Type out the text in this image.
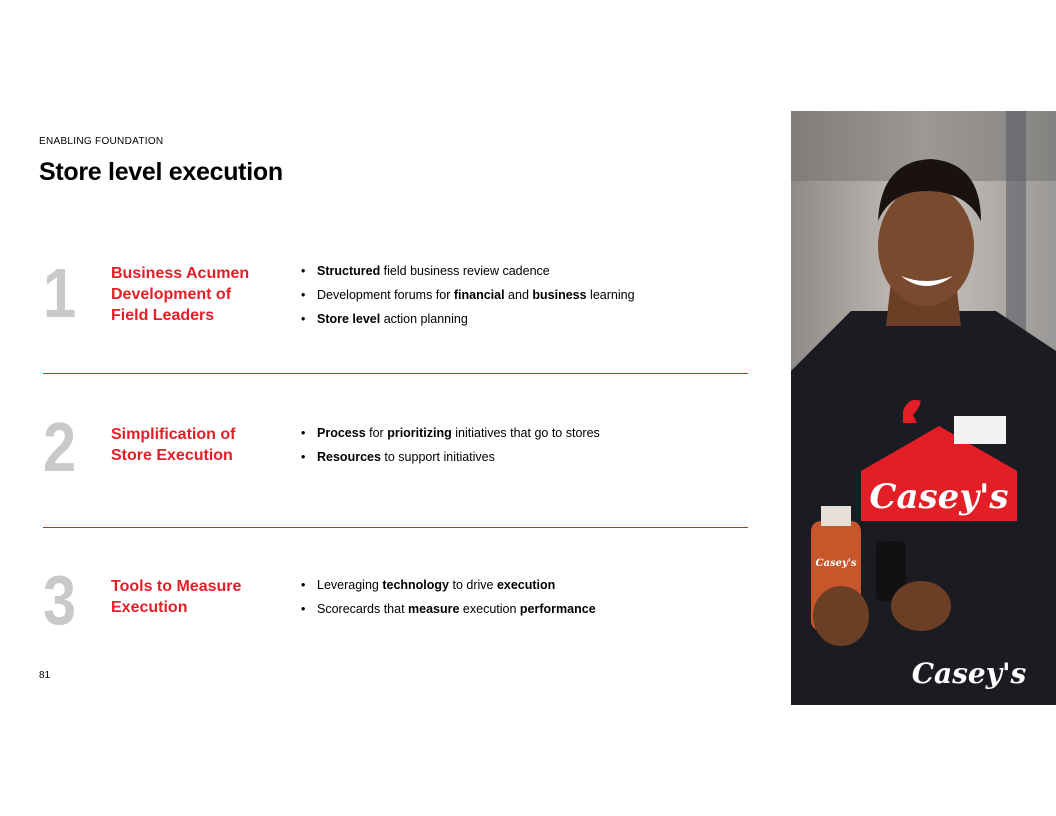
ENABLING FOUNDATION
Store level execution
1 Business Acumen
Development of
Field Leaders
• Structured field business review cadence
• Development forums for financial and business learning
• Store level action planning
2 Simplification of
Store Execution
• Process for prioritizing initiatives that go to stores
• Resources to support initiatives
3 Tools to Measure
Execution
• Leveraging technology to drive execution
• Scorecards that measure execution performance
81
Casey's
Casey's
Casey's
